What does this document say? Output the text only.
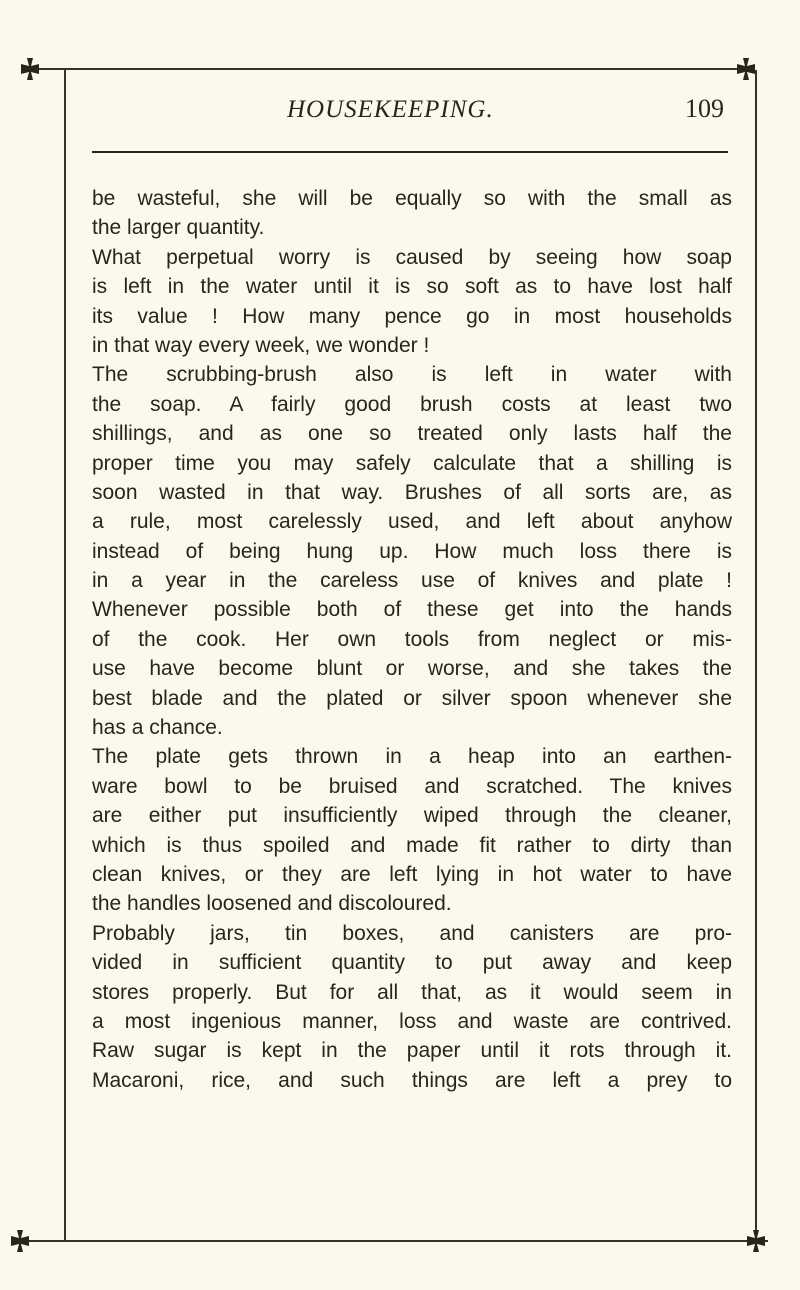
HOUSEKEEPING.	109
be wasteful, she will be equally so with the small as
the larger quantity.
What perpetual worry is caused by seeing how soap
is left in the water until it is so soft as to have lost half
its value ! How many pence go in most households
in that way every week, we wonder !
The scrubbing-brush also is left in water with
the soap. A fairly good brush costs at least two
shillings, and as one so treated only lasts half the
proper time you may safely calculate that a shilling is
soon wasted in that way. Brushes of all sorts are, as
a rule, most carelessly used, and left about anyhow
instead of being hung up. How much loss there is
in a year in the careless use of knives and plate !
Whenever possible both of these get into the hands
of the cook. Her own tools from neglect or mis-
use have become blunt or worse, and she takes the
best blade and the plated or silver spoon whenever she
has a chance.
The plate gets thrown in a heap into an earthen-
ware bowl to be bruised and scratched. The knives
are either put insufficiently wiped through the cleaner,
which is thus spoiled and made fit rather to dirty than
clean knives, or they are left lying in hot water to have
the handles loosened and discoloured.
Probably jars, tin boxes, and canisters are pro-
vided in sufficient quantity to put away and keep
stores properly. But for all that, as it would seem in
a most ingenious manner, loss and waste are contrived.
Raw sugar is kept in the paper until it rots through it.
Macaroni, rice, and such things are left a prey to
